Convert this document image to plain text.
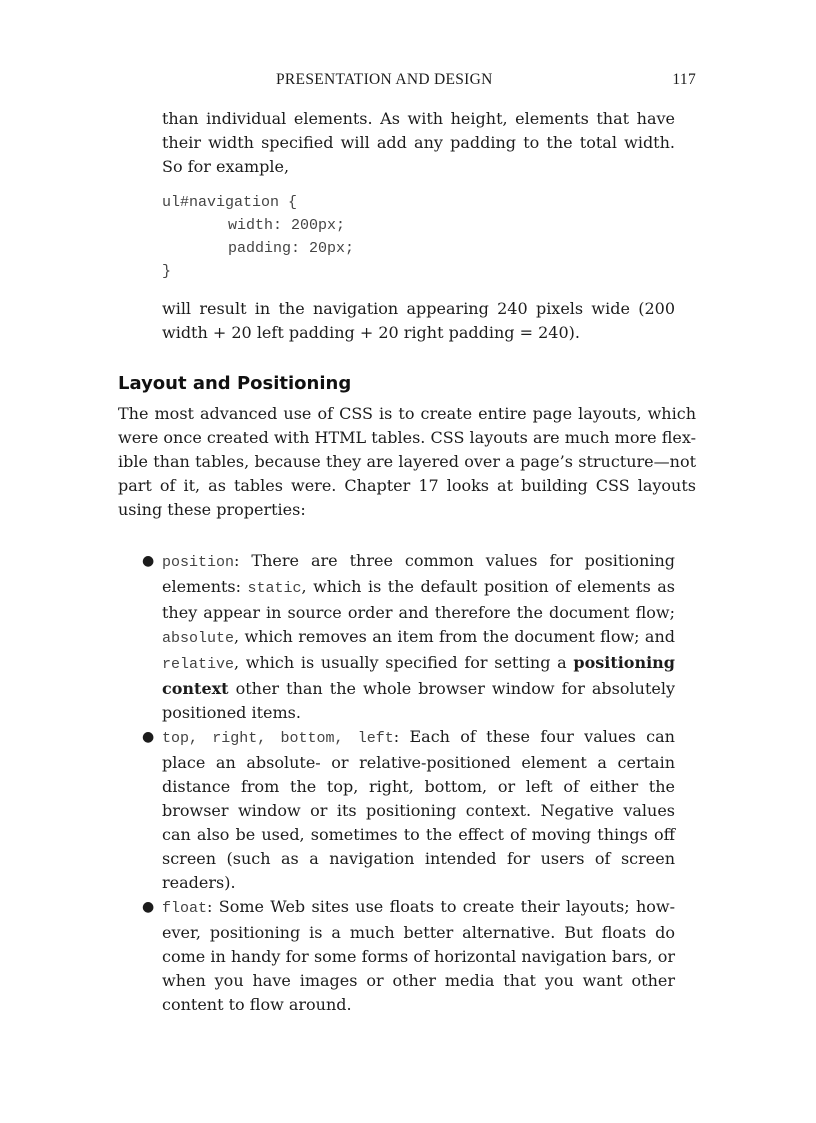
PRESENTATION AND DESIGN	117

than individual elements. As with height, elements that have their width specified will add any padding to the total width. So for example,

ul#navigation {
width: 200px;
padding: 20px;
}

will result in the navigation appearing 240 pixels wide (200 width + 20 left padding + 20 right padding = 240).

Layout and Positioning

The most advanced use of CSS is to create entire page layouts, which were once created with HTML tables. CSS layouts are much more flex-ible than tables, because they are layered over a page’s structure—not part of it, as tables were. Chapter 17 looks at building CSS layouts using these properties:

● position: There are three common values for positioning elements: static, which is the default position of elements as they appear in source order and therefore the document flow; absolute, which removes an item from the document flow; and relative, which is usually specified for setting a positioning context other than the whole browser window for absolutely positioned items.

● top, right, bottom, left: Each of these four values can place an absolute- or relative-positioned element a certain distance from the top, right, bottom, or left of either the browser window or its positioning context. Negative values can also be used, sometimes to the effect of moving things off screen (such as a navigation intended for users of screen readers).

● float: Some Web sites use floats to create their layouts; how-ever, positioning is a much better alternative. But floats do come in handy for some forms of horizontal navigation bars, or when you have images or other media that you want other content to flow around.
